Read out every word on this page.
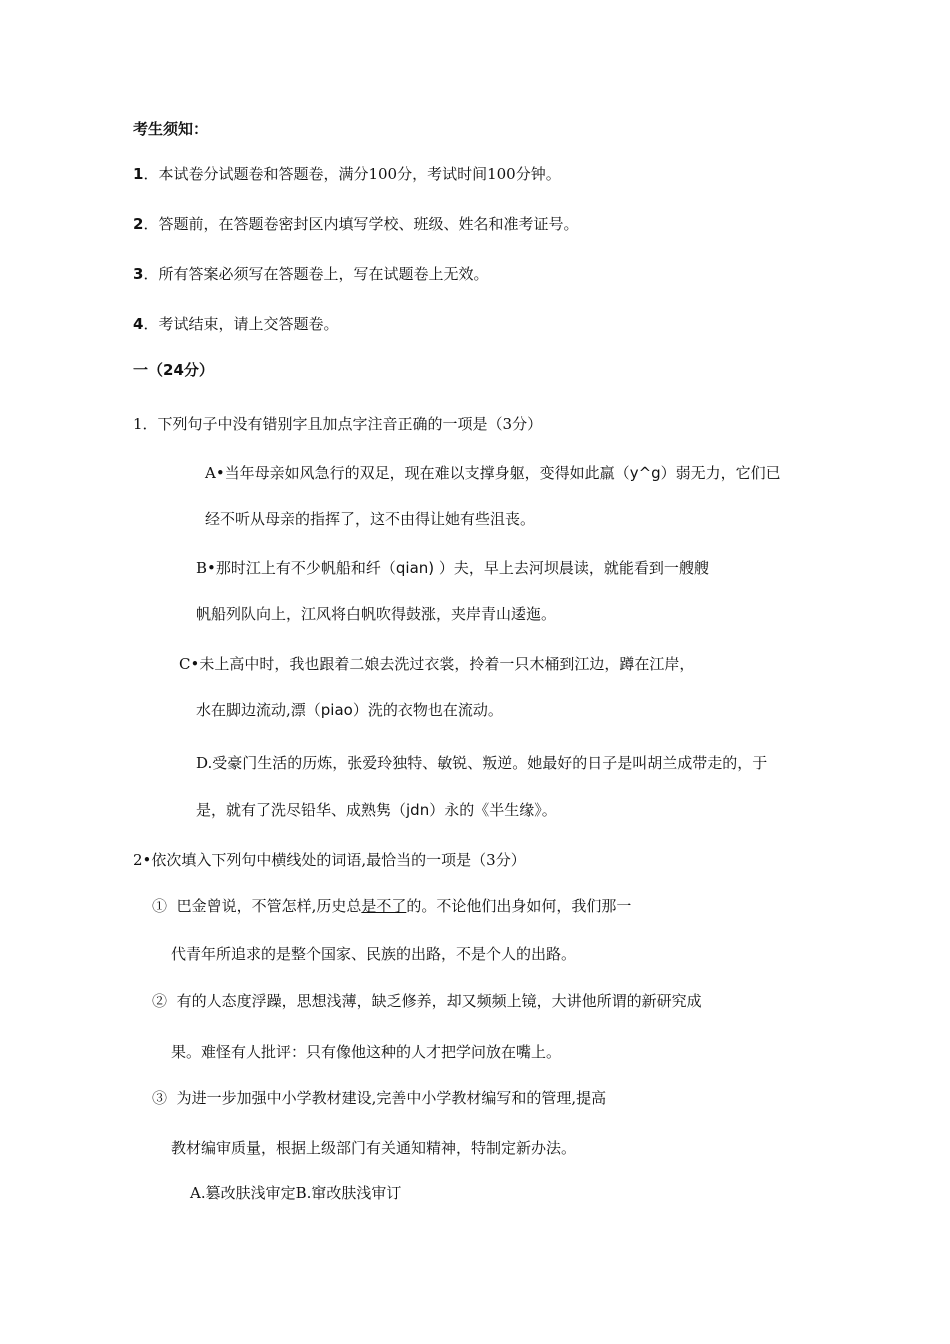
考生须知：
1．本试卷分试题卷和答题卷，满分100分，考试时间100分钟。
2．答题前，在答题卷密封区内填写学校、班级、姓名和准考证号。
3．所有答案必须写在答题卷上，写在试题卷上无效。
4．考试结束，请上交答题卷。
一（24分）
1．下列句子中没有错别字且加点字注音正确的一项是（3分）
A•当年母亲如风急行的双足，现在难以支撑身躯，变得如此羸（y^g）弱无力，它们已
经不听从母亲的指挥了，这不由得让她有些沮丧。
B•那时江上有不少帆船和纤（qian) ）夫，早上去河坝晨读，就能看到一艘艘
帆船列队向上，江风将白帆吹得鼓涨，夹岸青山逶迤。
C•未上高中时，我也跟着二娘去洗过衣裳，拎着一只木桶到江边，蹲在江岸，
水在脚边流动,漂（piao）洗的衣物也在流动。
D.受豪门生活的历炼，张爱玲独特、敏锐、叛逆。她最好的日子是叫胡兰成带走的，于
是，就有了洗尽铅华、成熟隽（jdn）永的《半生缘》。
2•依次填入下列句中横线处的词语,最恰当的一项是（3分）
① 巴金曾说，不管怎样,历史总是不了的。不论他们出身如何，我们那一
代青年所追求的是整个国家、民族的出路，不是个人的出路。
② 有的人态度浮躁，思想浅薄，缺乏修养，却又频频上镜，大讲他所谓的新研究成
果。难怪有人批评：只有像他这种的人才把学问放在嘴上。
③ 为进一步加强中小学教材建设,完善中小学教材编写和的管理,提高
教材编审质量，根据上级部门有关通知精神，特制定新办法。
A.篡改肤浅审定B.窜改肤浅审订
